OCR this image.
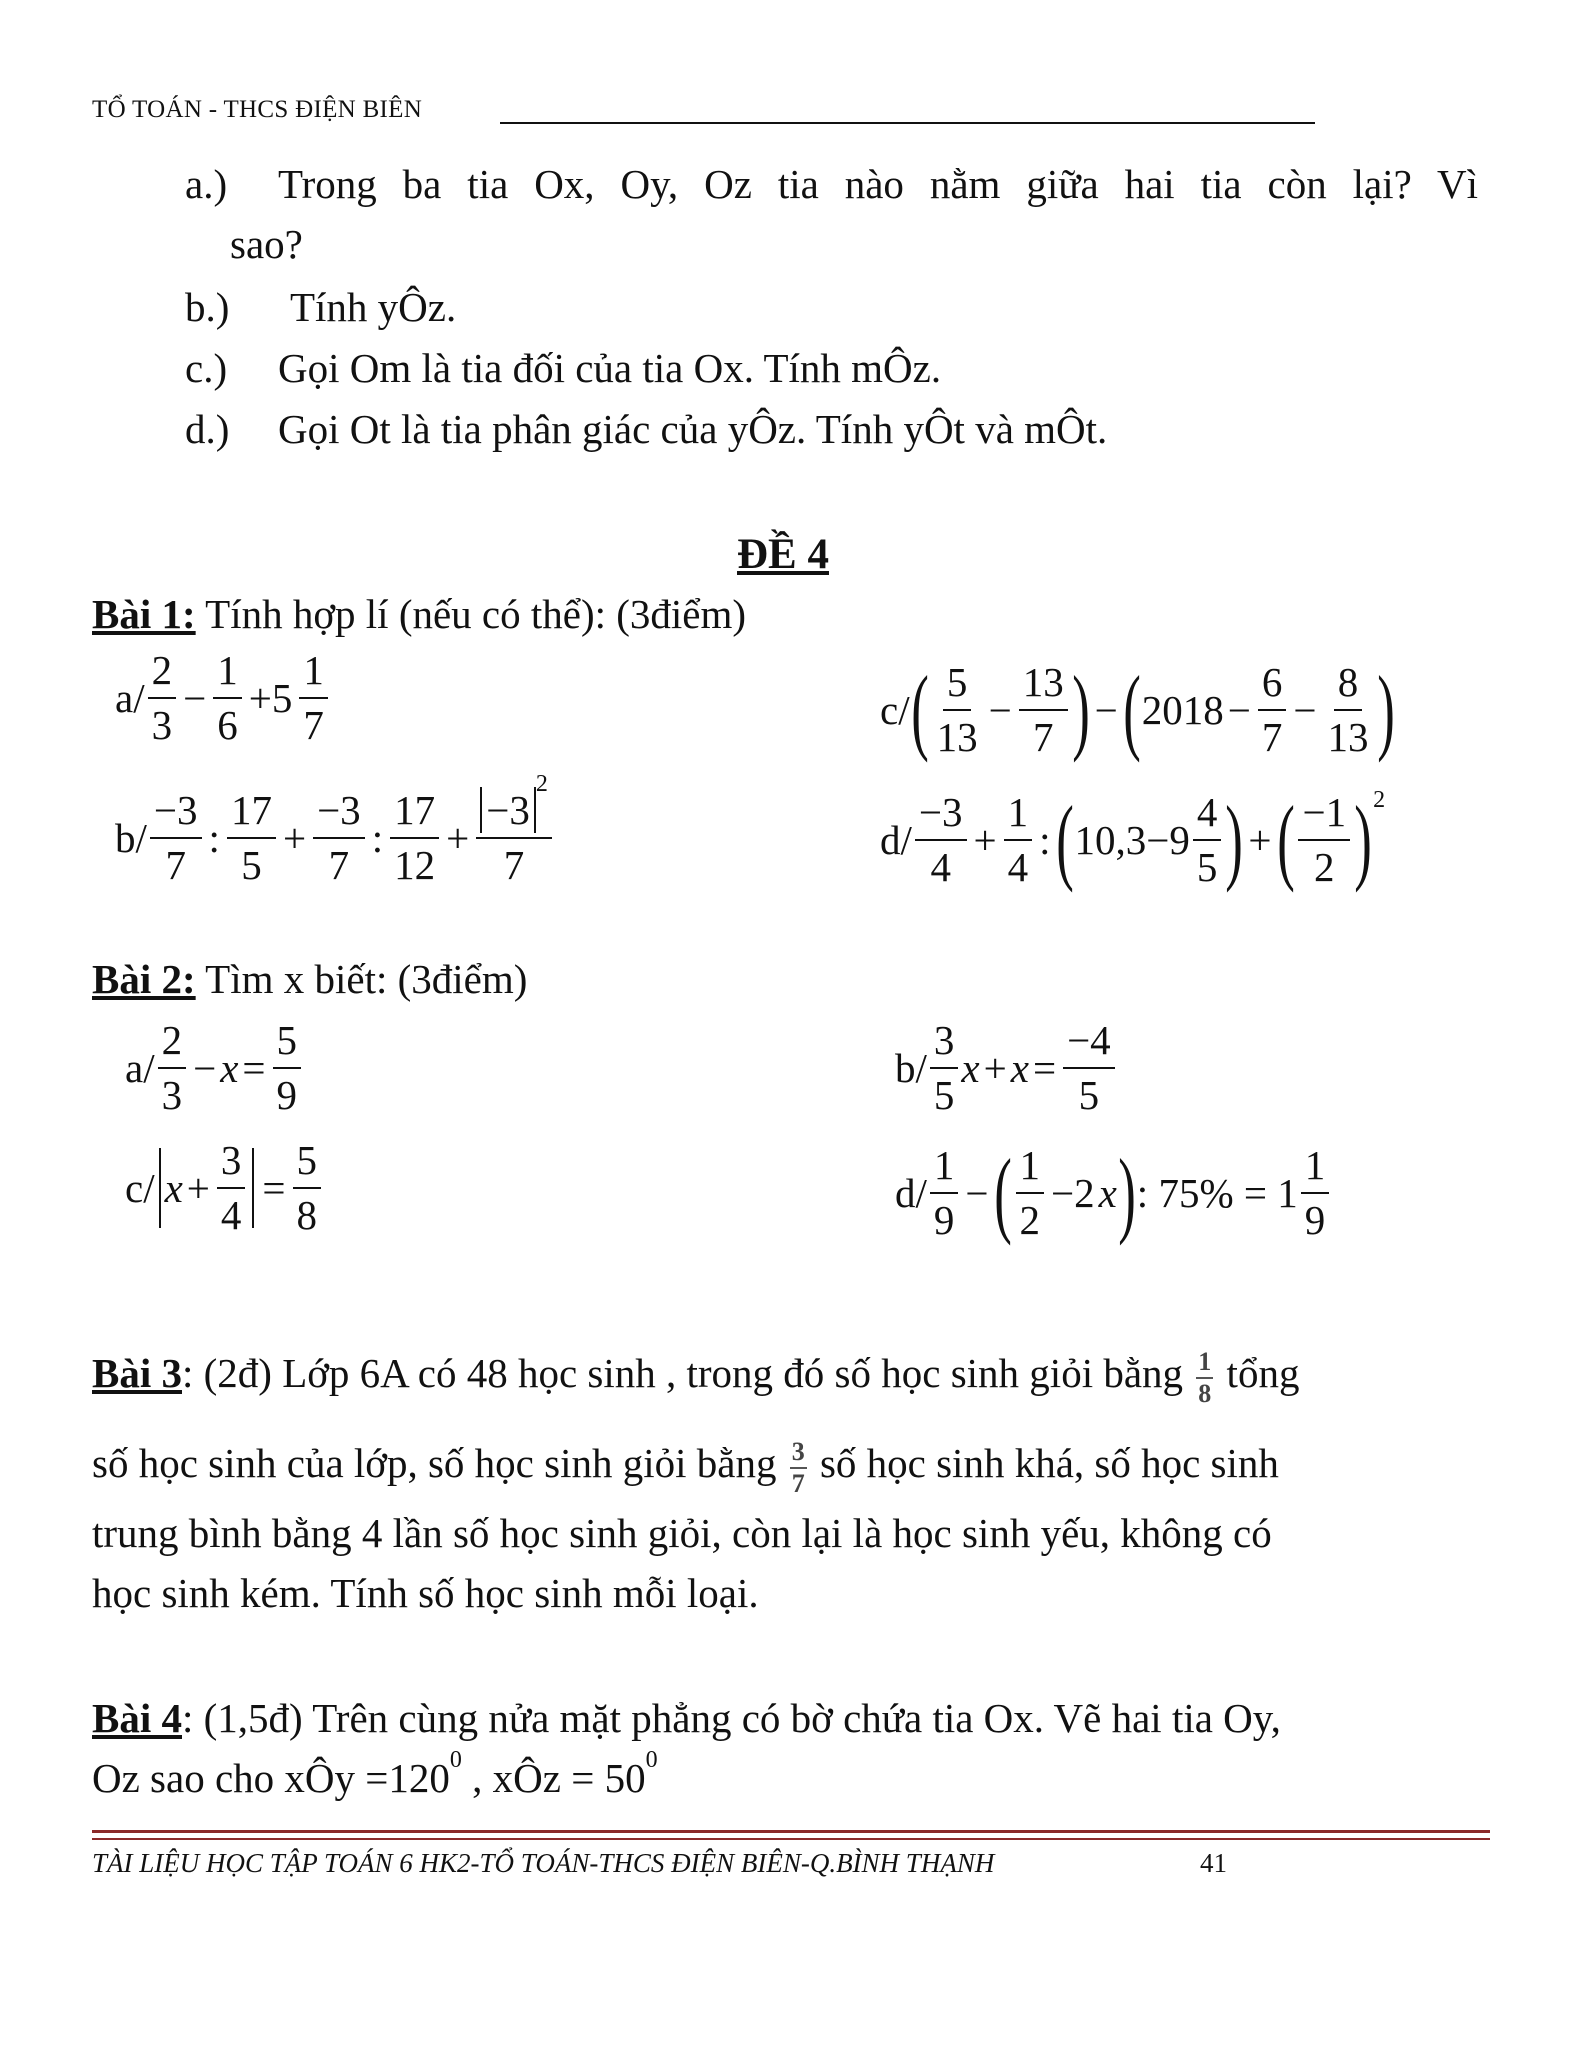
TỔ TOÁN - THCS ĐIỆN BIÊN
a.) Trong ba tia Ox, Oy, Oz tia nào nằm giữa hai tia còn lại? Vì
sao?
b.) Tính yÔz.
c.) Gọi Om là tia đối của tia Ox. Tính mÔz.
d.) Gọi Ot là tia phân giác của yÔz. Tính yÔt và mÔt.
ĐỀ 4
Bài 1: Tính hợp lí (nếu có thể): (3điểm)
$a/ \frac{2}{3} - \frac{1}{6} +5 \frac{1}{7}$	c/ ( $\frac{5}{13} - \frac{13}{7}$ ) − ( $2018 - \frac{6}{7} - \frac{8}{13}$ )
$b/ \frac{-3}{7}$ : $\frac{17}{5} + \frac{-3}{7}$ : $\frac{17}{12} + \frac{-3^2}{7}$	$d/ \frac{-3}{4} + \frac{1}{4}$ : ( $10,3 -9 \frac{4}{5}$ ) + ( $\frac{-1}{2}$ ) 2
Bài 2: Tìm x biết: (3điểm)
$a/ \frac{2}{3} - x = \frac{5}{9}$	$b/ \frac{3}{5}$ $x + x = \frac{-4}{5}$
c/ $x + \frac{3}{4} = \frac{5}{8}$	$d/ \frac{1}{9}$ − ( $\frac{1}{2} -2$ x ) : $75\% = 1 \frac{1}{9}$
Bài 3: (2đ) Lớp 6A có 48 học sinh , trong đó số học sinh giỏi bằng $\frac{1}{8}$ tổng
số học sinh của lớp, số học sinh giỏi bằng $\frac{3}{7}$ số học sinh khá, số học sinh
trung bình bằng 4 lần số học sinh giỏi, còn lại là học sinh yếu, không có
học sinh kém. Tính số học sinh mỗi loại.
Bài 4: (1,5đ) Trên cùng nửa mặt phẳng có bờ chứa tia Ox. Vẽ hai tia Oy,
Oz sao cho xÔy $=120^0$ , xÔz = $50^0$
TÀI LIỆU HỌC TẬP TOÁN 6 HK2-TỔ TOÁN-THCS ĐIỆN BIÊN-Q.BÌNH THẠNH	41
